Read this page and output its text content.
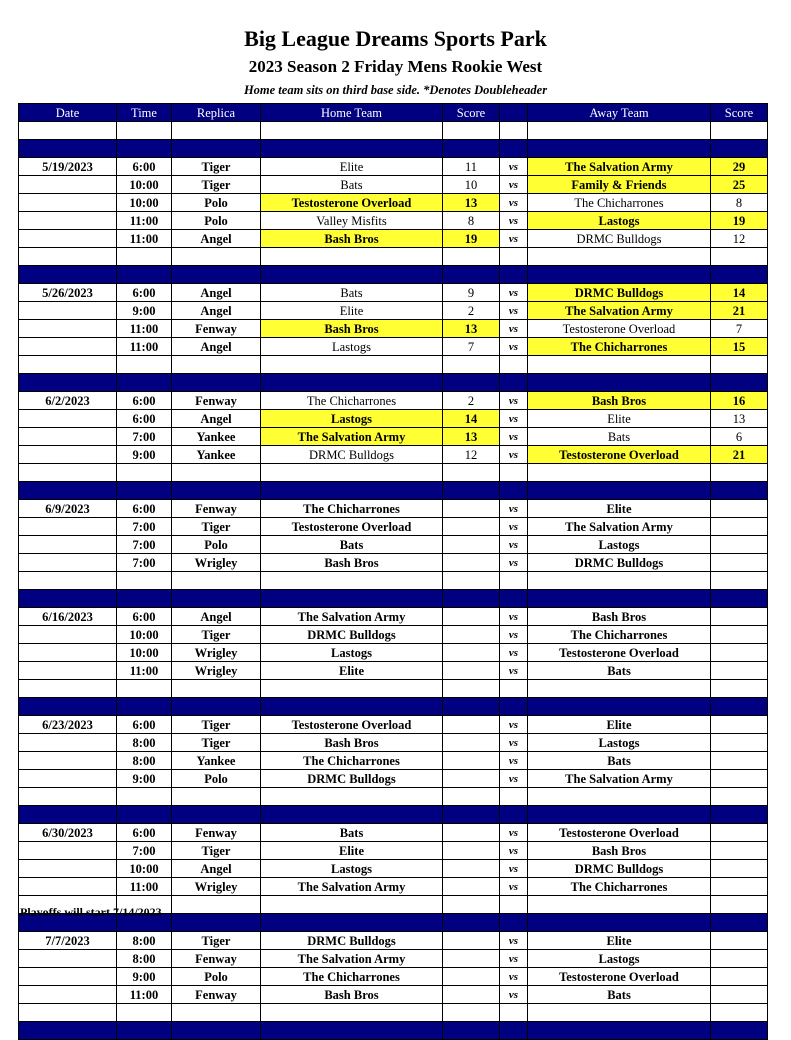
Big League Dreams Sports Park
2023 Season 2 Friday Mens Rookie West
Home team sits on third base side. *Denotes Doubleheader
Date	Time	Replica	Home Team	Score		Away Team	Score

5/19/2023	6:00	Tiger	Elite	11	vs	The Salvation Army	29
	10:00	Tiger	Bats	10	vs	Family & Friends	25
	10:00	Polo	Testosterone Overload	13	vs	The Chicharrones	8
	11:00	Polo	Valley Misfits	8	vs	Lastogs	19
	11:00	Angel	Bash Bros	19	vs	DRMC Bulldogs	12

5/26/2023	6:00	Angel	Bats	9	vs	DRMC Bulldogs	14
	9:00	Angel	Elite	2	vs	The Salvation Army	21
	11:00	Fenway	Bash Bros	13	vs	Testosterone Overload	7
	11:00	Angel	Lastogs	7	vs	The Chicharrones	15

6/2/2023	6:00	Fenway	The Chicharrones	2	vs	Bash Bros	16
	6:00	Angel	Lastogs	14	vs	Elite	13
	7:00	Yankee	The Salvation Army	13	vs	Bats	6
	9:00	Yankee	DRMC Bulldogs	12	vs	Testosterone Overload	21

6/9/2023	6:00	Fenway	The Chicharrones		vs	Elite	
	7:00	Tiger	Testosterone Overload		vs	The Salvation Army	
	7:00	Polo	Bats		vs	Lastogs	
	7:00	Wrigley	Bash Bros		vs	DRMC Bulldogs	

6/16/2023	6:00	Angel	The Salvation Army		vs	Bash Bros	
	10:00	Tiger	DRMC Bulldogs		vs	The Chicharrones	
	10:00	Wrigley	Lastogs		vs	Testosterone Overload	
	11:00	Wrigley	Elite		vs	Bats	

6/23/2023	6:00	Tiger	Testosterone Overload		vs	Elite	
	8:00	Tiger	Bash Bros		vs	Lastogs	
	8:00	Yankee	The Chicharrones		vs	Bats	
	9:00	Polo	DRMC Bulldogs		vs	The Salvation Army	

6/30/2023	6:00	Fenway	Bats		vs	Testosterone Overload	
	7:00	Tiger	Elite		vs	Bash Bros	
	10:00	Angel	Lastogs		vs	DRMC Bulldogs	
	11:00	Wrigley	The Salvation Army		vs	The Chicharrones	

7/7/2023	8:00	Tiger	DRMC Bulldogs		vs	Elite	
	8:00	Fenway	The Salvation Army		vs	Lastogs	
	9:00	Polo	The Chicharrones		vs	Testosterone Overload	
	11:00	Fenway	Bash Bros		vs	Bats	

Playoffs will start 7/14/2023
